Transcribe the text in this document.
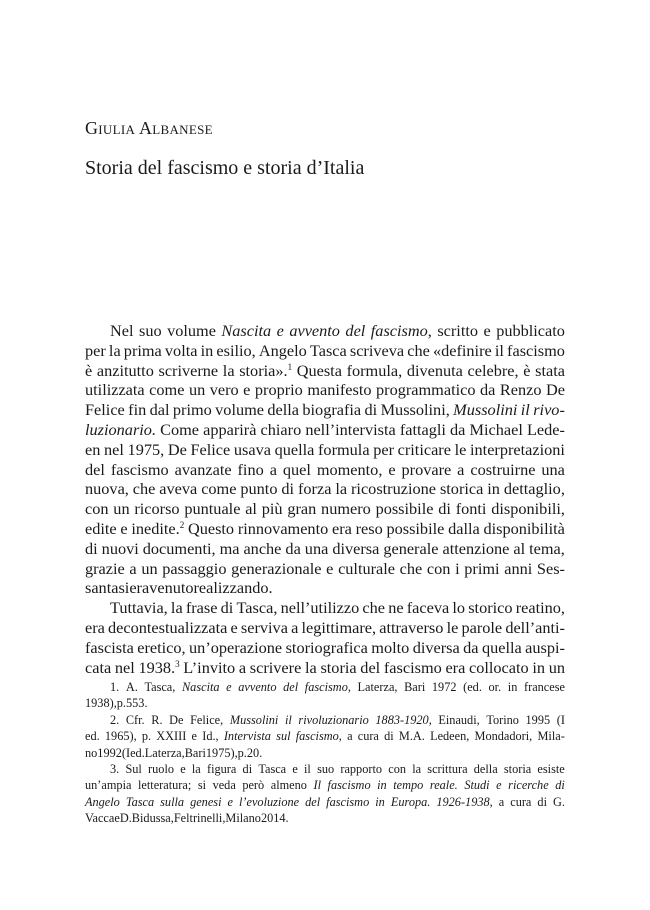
Giulia Albanese
Storia del fascismo e storia d’Italia
Nel suo volume Nascita e avvento del fascismo, scritto e pubblicato
per la prima volta in esilio, Angelo Tasca scriveva che «definire il fascismo
è anzitutto scriverne la storia».$^1$ Questa formula, divenuta celebre, è stata
utilizzata come un vero e proprio manifesto programmatico da Renzo De
Felice fin dal primo volume della biografia di Mussolini, Mussolini il rivo-
luzionario. Come apparirà chiaro nell’intervista fattagli da Michael Lede-
en nel 1975, De Felice usava quella formula per criticare le interpretazioni
del fascismo avanzate fino a quel momento, e provare a costruirne una
nuova, che aveva come punto di forza la ricostruzione storica in dettaglio,
con un ricorso puntuale al più gran numero possibile di fonti disponibili,
edite e inedite.$^2$ Questo rinnovamento era reso possibile dalla disponibilità
di nuovi documenti, ma anche da una diversa generale attenzione al tema,
grazie a un passaggio generazionale e culturale che con i primi anni Ses-
santa si era venuto realizzando.
Tuttavia, la frase di Tasca, nell’utilizzo che ne faceva lo storico reatino,
era decontestualizzata e serviva a legittimare, attraverso le parole dell’anti-
fascista eretico, un’operazione storiografica molto diversa da quella auspi-
cata nel 1938.$^3$ L’invito a scrivere la storia del fascismo era collocato in un
1. A. Tasca, Nascita e avvento del fascismo, Laterza, Bari 1972 (ed. or. in francese
1938), p. 553.
2. Cfr. R. De Felice, Mussolini il rivoluzionario 1883-1920, Einaudi, Torino 1995 (I
ed. 1965), p. XXIII e Id., Intervista sul fascismo, a cura di M.A. Ledeen, Mondadori, Mila-
no 1992 (I ed. Laterza, Bari 1975), p. 20.
3. Sul ruolo e la figura di Tasca e il suo rapporto con la scrittura della storia esiste
un’ampia letteratura; si veda però almeno Il fascismo in tempo reale. Studi e ricerche di
Angelo Tasca sulla genesi e l’evoluzione del fascismo in Europa. 1926-1938, a cura di G.
Vacca e D. Bidussa, Feltrinelli, Milano 2014.
